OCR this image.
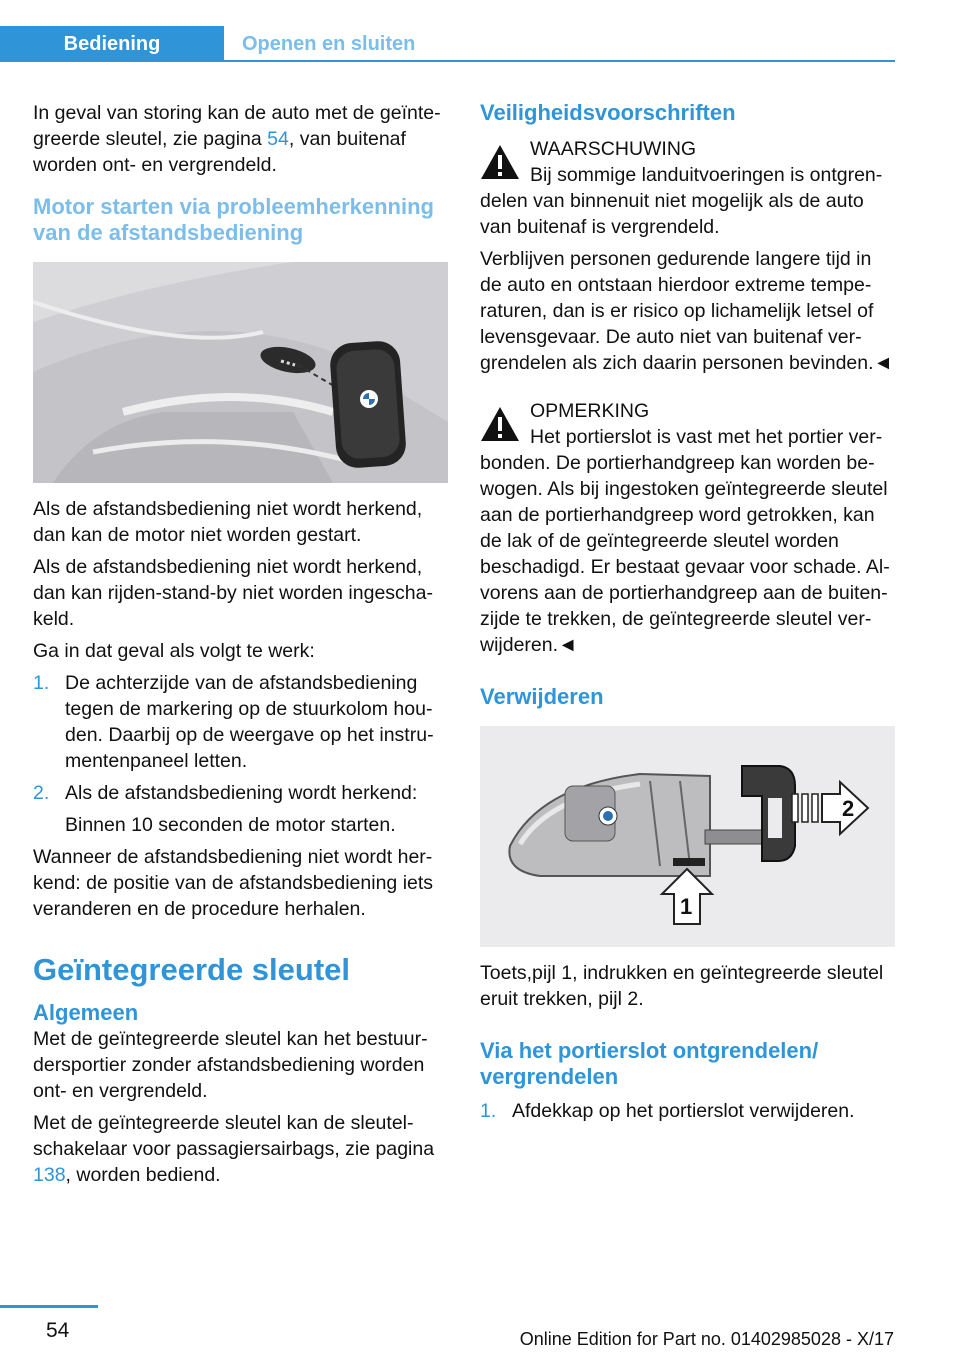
Bediening	Openen en sluiten

In geval van storing kan de auto met de geïntegreerde sleutel, zie pagina 54, van buitenaf worden ont- en vergrendeld.

Motor starten via probleemherkenning van de afstandsbediening

Als de afstandsbediening niet wordt herkend, dan kan de motor niet worden gestart.

Als de afstandsbediening niet wordt herkend, dan kan rijden-stand-by niet worden ingeschakeld.

Ga in dat geval als volgt te werk:

1. De achterzijde van de afstandsbediening tegen de markering op de stuurkolom houden. Daarbij op de weergave op het instrumentenpaneel letten.
2. Als de afstandsbediening wordt herkend:
Binnen 10 seconden de motor starten.

Wanneer de afstandsbediening niet wordt herkend: de positie van de afstandsbediening iets veranderen en de procedure herhalen.

Geïntegreerde sleutel
Algemeen

Met de geïntegreerde sleutel kan het bestuurdersportier zonder afstandsbediening worden ont- en vergrendeld.

Met de geïntegreerde sleutel kan de sleutelschakelaar voor passagiersairbags, zie pagina 138, worden bediend.

Veiligheidsvoorschriften
WAARSCHUWING

Bij sommige landuitvoeringen is ontgrendelen van binnenuit niet mogelijk als de auto van buitenaf is vergrendeld.

Verblijven personen gedurende langere tijd in de auto en ontstaan hierdoor extreme temperaturen, dan is er risico op lichamelijk letsel of levensgevaar. De auto niet van buitenaf vergrendelen als zich daarin personen bevinden.◄

OPMERKING

Het portierslot is vast met het portier verbonden. De portierhandgreep kan worden bewogen. Als bij ingestoken geïntegreerde sleutel aan de portierhandgreep word getrokken, kan de lak of de geïntegreerde sleutel worden beschadigd. Er bestaat gevaar voor schade. Alvorens aan de portierhandgreep aan de buitenzijde te trekken, de geïntegreerde sleutel verwijderen.◄

Verwijderen
2
1

Toets,pijl 1, indrukken en geïntegreerde sleutel eruit trekken, pijl 2.

Via het portierslot ontgrendelen/ vergrendelen
1. Afdekkap op het portierslot verwijderen.
54	Online Edition for Part no. 01402985028 - X/17
